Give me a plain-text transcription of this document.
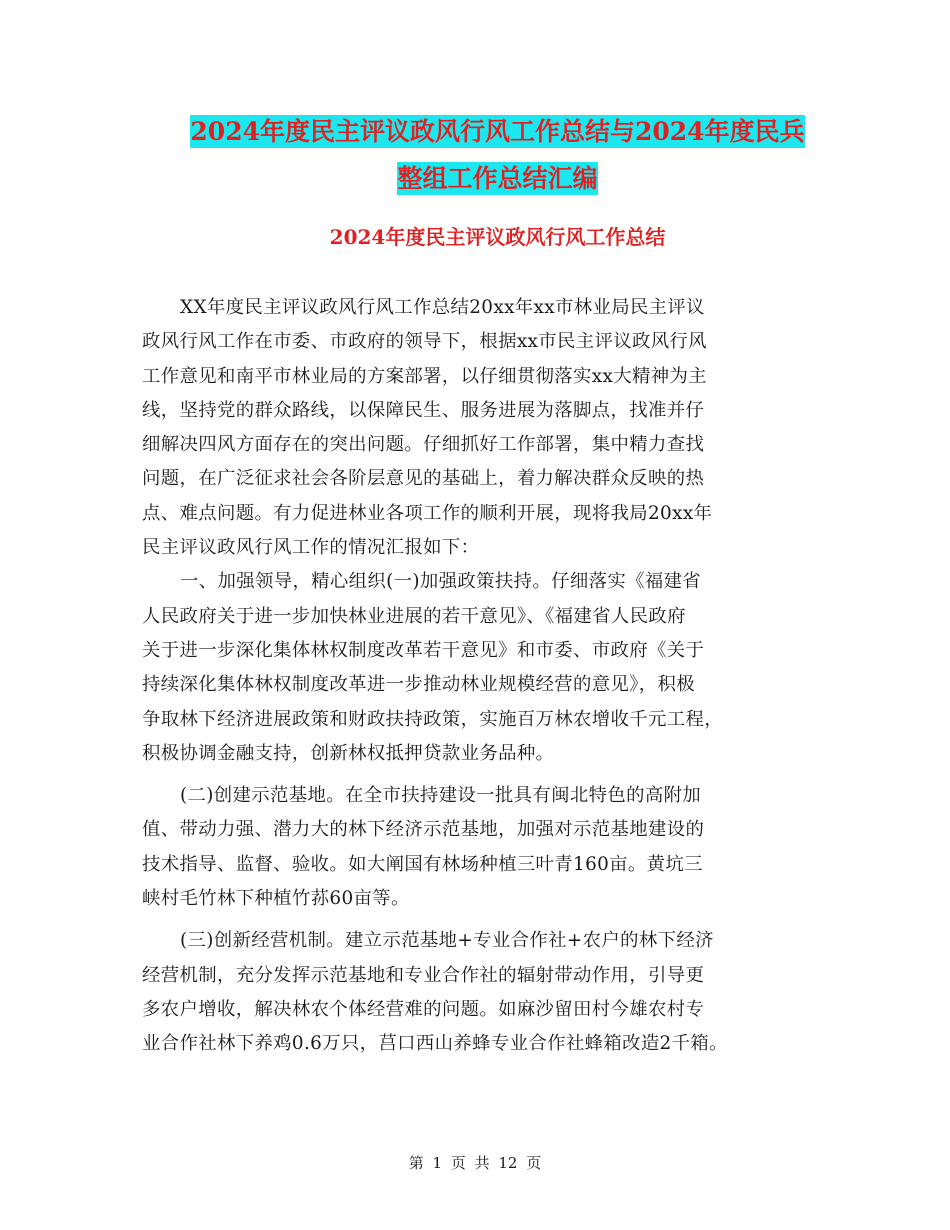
2024年度民主评议政风行风工作总结与2024年度民兵
整组工作总结汇编
2024年度民主评议政风行风工作总结
XX年度民主评议政风行风工作总结20xx年xx市林业局民主评议
政风行风工作在市委、市政府的领导下，根据xx市民主评议政风行风
工作意见和南平市林业局的方案部署，以仔细贯彻落实xx大精神为主
线，坚持党的群众路线，以保障民生、服务进展为落脚点，找准并仔
细解决四风方面存在的突出问题。仔细抓好工作部署，集中精力查找
问题，在广泛征求社会各阶层意见的基础上，着力解决群众反映的热
点、难点问题。有力促进林业各项工作的顺利开展，现将我局20xx年
民主评议政风行风工作的情况汇报如下：
一、加强领导，精心组织(一)加强政策扶持。仔细落实《福建省
人民政府关于进一步加快林业进展的若干意见》、《福建省人民政府
关于进一步深化集体林权制度改革若干意见》和市委、市政府《关于
持续深化集体林权制度改革进一步推动林业规模经营的意见》，积极
争取林下经济进展政策和财政扶持政策，实施百万林农增收千元工程，
积极协调金融支持，创新林权抵押贷款业务品种。
(二)创建示范基地。在全市扶持建设一批具有闽北特色的高附加
值、带动力强、潜力大的林下经济示范基地，加强对示范基地建设的
技术指导、监督、验收。如大阐国有林场种植三叶青160亩。黄坑三
峡村毛竹林下种植竹荪60亩等。
(三)创新经营机制。建立示范基地+专业合作社+农户的林下经济
经营机制，充分发挥示范基地和专业合作社的辐射带动作用，引导更
多农户增收，解决林农个体经营难的问题。如麻沙留田村今雄农村专
业合作社林下养鸡0.6万只，莒口西山养蜂专业合作社蜂箱改造2千箱。
第 1 页 共 12 页
